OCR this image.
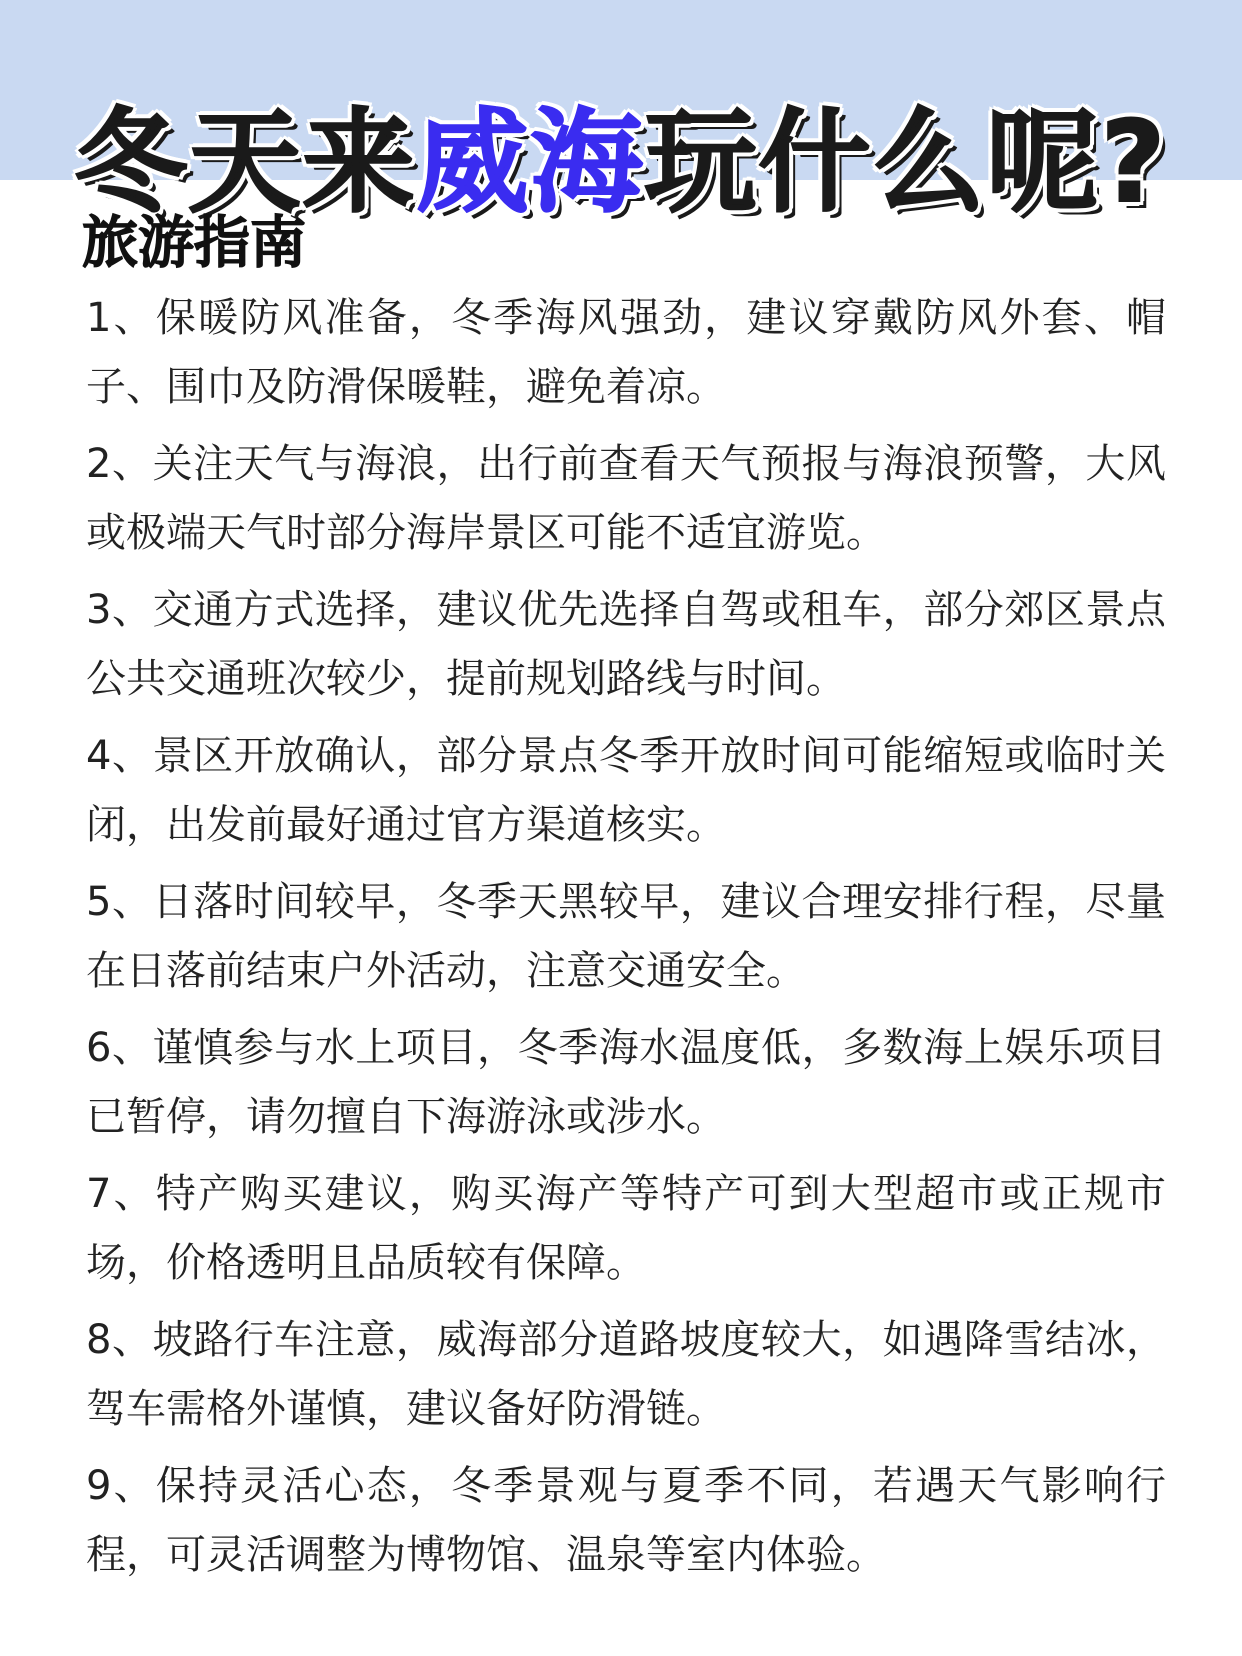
冬天来威海玩什么呢?
旅游指南
1、保暖防风准备，冬季海风强劲，建议穿戴防风外套、帽子、围巾及防滑保暖鞋，避免着凉。
2、关注天气与海浪，出行前查看天气预报与海浪预警，大风或极端天气时部分海岸景区可能不适宜游览。
3、交通方式选择，建议优先选择自驾或租车，部分郊区景点公共交通班次较少，提前规划路线与时间。
4、景区开放确认，部分景点冬季开放时间可能缩短或临时关闭，出发前最好通过官方渠道核实。
5、日落时间较早，冬季天黑较早，建议合理安排行程，尽量在日落前结束户外活动，注意交通安全。
6、谨慎参与水上项目，冬季海水温度低，多数海上娱乐项目已暂停，请勿擅自下海游泳或涉水。
7、特产购买建议，购买海产等特产可到大型超市或正规市场，价格透明且品质较有保障。
8、坡路行车注意，威海部分道路坡度较大，如遇降雪结冰，驾车需格外谨慎，建议备好防滑链。
9、保持灵活心态，冬季景观与夏季不同，若遇天气影响行程，可灵活调整为博物馆、温泉等室内体验。
